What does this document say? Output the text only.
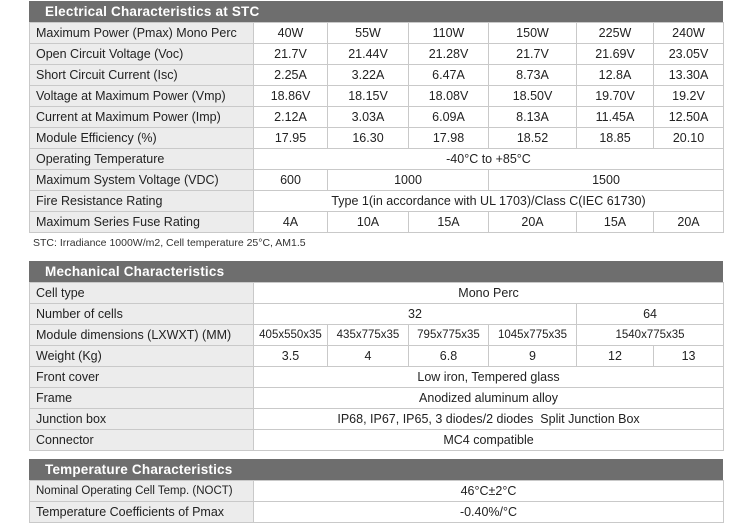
Electrical Characteristics at STC
Maximum Power (Pmax) Mono Perc	40W	55W	110W	150W	225W	240W
Open Circuit Voltage (Voc)	21.7V	21.44V	21.28V	21.7V	21.69V	23.05V
Short Circuit Current (Isc)	2.25A	3.22A	6.47A	8.73A	12.8A	13.30A
Voltage at Maximum Power (Vmp)	18.86V	18.15V	18.08V	18.50V	19.70V	19.2V
Current at Maximum Power (Imp)	2.12A	3.03A	6.09A	8.13A	11.45A	12.50A
Module Efficiency (%)	17.95	16.30	17.98	18.52	18.85	20.10
Operating Temperature	-40°C to +85°C					
Maximum System Voltage (VDC)	600	1000		1500		
Fire Resistance Rating	Type 1(in accordance with UL 1703)/Class C(IEC 61730)					
Maximum Series Fuse Rating	4A	10A	15A	20A	15A	20A
STC: Irradiance 1000W/m2, Cell temperature 25°C, AM1.5
Mechanical Characteristics
Cell type	Mono Perc					
Number of cells	32				64	
Module dimensions (LXWXT) (MM)	405x550x35	435x775x35	795x775x35	1045x775x35	1540x775x35	
Weight (Kg)	3.5	4	6.8	9	12	13
Front cover	Low iron, Tempered glass					
Frame	Anodized aluminum alloy					
Junction box	IP68, IP67, IP65, 3 diodes/2 diodes  Split Junction Box					
Connector	MC4 compatible					
Temperature Characteristics
Nominal Operating Cell Temp. (NOCT)	46°C±2°C
Temperature Coefficients of Pmax	-0.40%/°C
